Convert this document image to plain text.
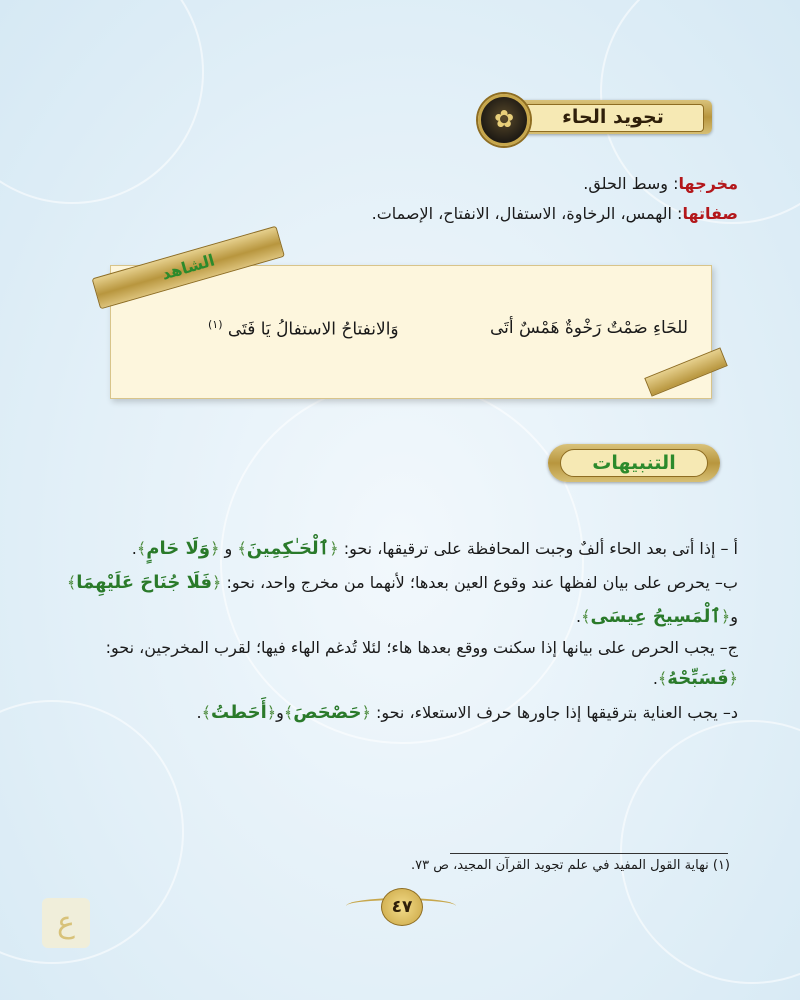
تجويد الحاء
✿
مخرجها: وسط الحلق.
صفاتها: الهمس، الرخاوة، الاستفال، الانفتاح، الإصمات.
الشاهد
للحَاءِ صَمْتٌ رَخْوةٌ هَمْسٌ أتَى
وَالانفتاحُ الاستفالُ يَا فَتَى $^{(١)}$
التنبيهات
أ – إذا أتى بعد الحاء ألفٌ وجبت المحافظة على ترقيقها، نحو: ﴿ٱلْحَـٰكِمِينَ﴾ و ﴿وَلَا حَامٍ﴾.
ب– يحرص على بيان لفظها عند وقوع العين بعدها؛ لأنهما من مخرج واحد، نحو: ﴿فَلَا جُنَاحَ عَلَيْهِمَا﴾
و﴿ٱلْمَسِيحُ عِيسَى﴾.
ج– يجب الحرص على بيانها إذا سكنت ووقع بعدها هاء؛ لئلا تُدغم الهاء فيها؛ لقرب المخرجين، نحو:
﴿فَسَبِّحْهُ﴾.
د– يجب العناية بترقيقها إذا جاورها حرف الاستعلاء، نحو: ﴿حَصْحَصَ﴾و﴿أَحَطتُ﴾.
(١) نهاية القول المفيد في علم تجويد القرآن المجيد، ص ٧٣.
٤٧
ع
